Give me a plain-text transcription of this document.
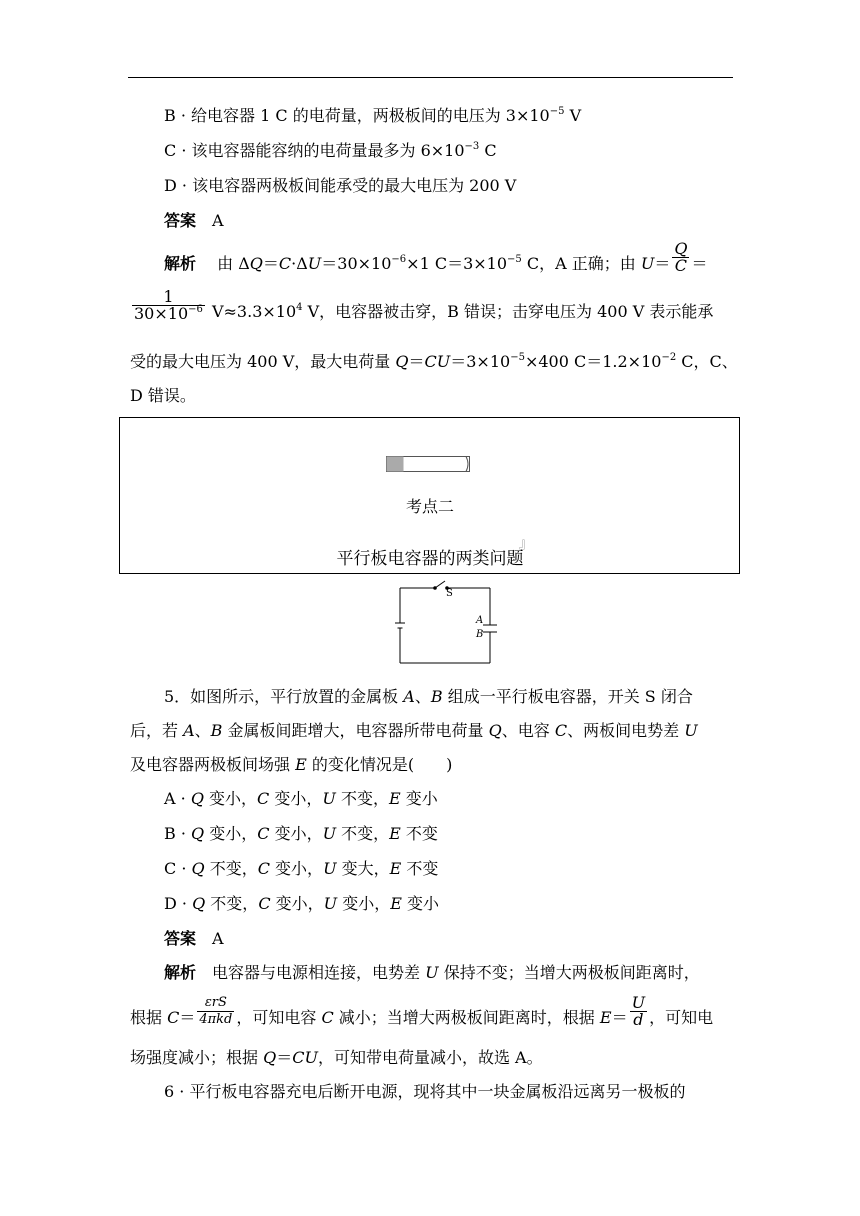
B · 给电容器 1 C 的电荷量，两极板间的电压为 $3\times 10^{-5}$ V
C · 该电容器能容纳的电荷量最多为 $6\times 10^{-3}$ C
D · 该电容器两极板间能承受的最大电压为 200 V
答案　 A
解析　 由 $\Delta Q=C\cdot\Delta U=30\times 10^{-6}\times 1$ $C=3\times 10^{-5}$ C，A 正确；由 $U= \frac{Q}{C}$ ＝
$\frac{1}{30\times 10^{-6}} V\approx 3.3\times 10^4$ V，电容器被击穿，B 错误；击穿电压为 400 V 表示能承
受的最大电压为 400 V，最大电荷量 $Q=CU=3\times 10^{-5}\times 400$ $C=1.2\times 10^{-2}$ C，C、
D 错误。
考点二
平行板电容器的两类问题
』
S
A
B
5．如图所示，平行放置的金属板 A、B 组成一平行板电容器，开关 S 闭合
后，若 A、B 金属板间距增大，电容器所带电荷量 Q、电容 C、两板间电势差 U
及电容器两极板间场强 E 的变化情况是(　　)
A · Q 变小，C 变小，U 不变，E 变小
B · Q 变小，C 变小，U 不变，E 不变
C · Q 不变，C 变小，U 变大，E 不变
D · Q 不变，C 变小，U 变小，E 变小
答案　 A
解析　 电容器与电源相连接，电势差 U 保持不变；当增大两极板间距离时，
根据 $C= \frac{\text{εrS}}{\text{4πkd}}$ ，可知电容 C 减小；当增大两极板间距离时，根据 $E= \frac{U}{d}$ ，可知电
场强度减小；根据 Q＝CU，可知带电荷量减小，故选 A。
6 · 平行板电容器充电后断开电源，现将其中一块金属板沿远离另一极板的
